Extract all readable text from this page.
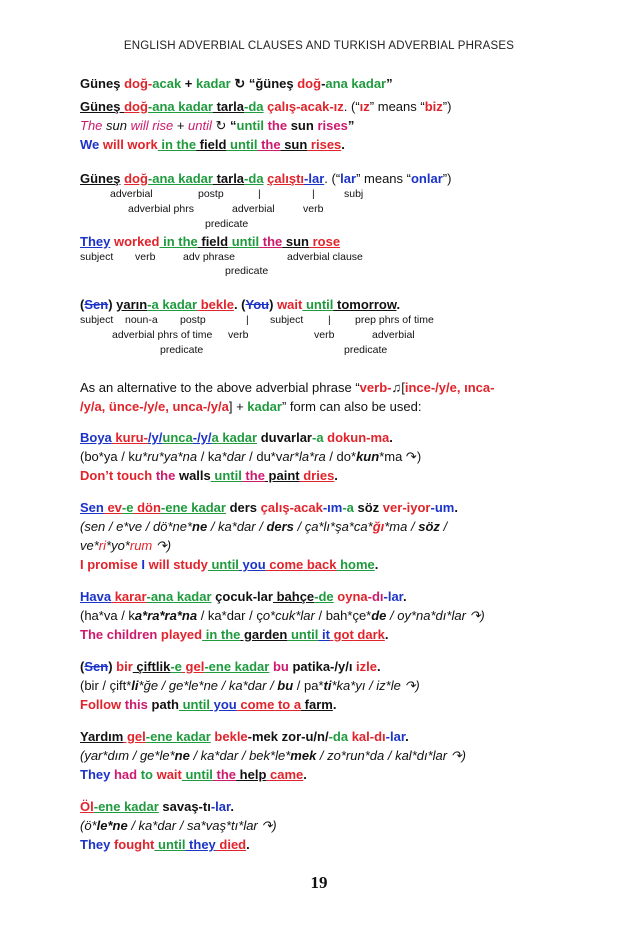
ENGLISH ADVERBIAL CLAUSES AND TURKISH ADVERBIAL PHRASES
Güneş doğ-acak + kadar ↻ “ğüneş doğ-ana kadar”
Güneş doğ-ana kadar tarla-da çalış-acak-ız. (“ız” means “biz”)
The sun will rise + until ↻ “until the sun rises”
We will work in the field until the sun rises.
Güneş doğ-ana kadar tarla-da çalıştı-lar. (“lar” means “onlar”)
adverbial	postp	|	|	subj
adverbial phrs	adverbial	verb
predicate
They worked in the field until the sun rose
subject verb	adv phrase	adverbial clause
predicate
(Sen) yarın-a kadar bekle. (You) wait until tomorrow.
subject noun-a postp	| subject | prep phrs of time
adverbial phrs of time verb	verb	adverbial
predicate	predicate
As an alternative to the above adverbial phrase “verb-♫[ince-/y/e, ınca-
/y/a, ünce-/y/e, unca-/y/a] + kadar” form can also be used:
Boya kuru-/y/unca-/y/a kadar duvarlar-a dokun-ma.
(bo*ya / ku*ru*ya*na / ka*dar / du*var*la*ra / do*kun*ma ↷)
Don’t touch the walls until the paint dries.
Sen ev-e dön-ene kadar ders çalış-acak-ım-a söz ver-iyor-um.
(sen / e*ve / dö*ne*ne / ka*dar / ders / ça*lı*şa*ca*ğı*ma / söz /
ve*ri*yo*rum ↷)
I promise I will study until you come back home.
Hava karar-ana kadar çocuk-lar bahçe-de oyna-dı-lar.
(ha*va / ka*ra*ra*na / ka*dar / ço*cuk*lar / bah*çe*de / oy*na*dı*lar ↷)
The children played in the garden until it got dark.
(Sen) bir çiftlik-e gel-ene kadar bu patika-/y/ı izle.
(bir / çift*li*ğe / ge*le*ne / ka*dar / bu / pa*ti*ka*yı / iz*le ↷)
Follow this path until you come to a farm.
Yardım gel-ene kadar bekle-mek zor-u/n/-da kal-dı-lar.
(yar*dım / ge*le*ne / ka*dar / bek*le*mek / zo*run*da / kal*dı*lar ↷)
They had to wait until the help came.
Öl-ene kadar savaş-tı-lar.
(ö*le*ne / ka*dar / sa*vaş*tı*lar ↷)
They fought until they died.
19
